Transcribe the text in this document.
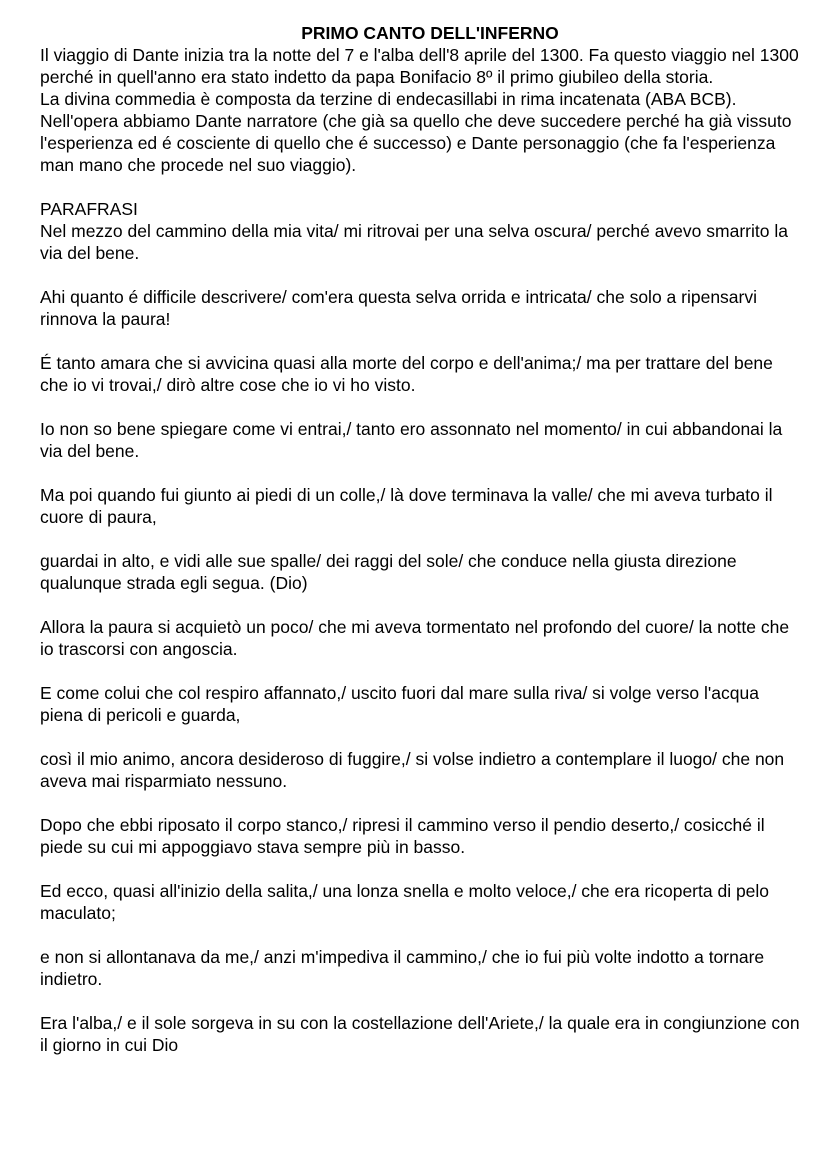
PRIMO CANTO DELL'INFERNO

Il viaggio di Dante inizia tra la notte del 7 e l'alba dell'8 aprile del 1300. Fa questo viaggio nel 1300 perché in quell'anno era stato indetto da papa Bonifacio 8º il primo giubileo della storia.

La divina commedia è composta da terzine di endecasillabi in rima incatenata (ABA BCB). Nell'opera abbiamo Dante narratore (che già sa quello che deve succedere perché ha già vissuto l'esperienza ed é cosciente di quello che é successo) e Dante personaggio (che fa l'esperienza man mano che procede nel suo viaggio).

PARAFRASI

Nel mezzo del cammino della mia vita/ mi ritrovai per una selva oscura/ perché avevo smarrito la via del bene.

Ahi quanto é difficile descrivere/ com'era questa selva orrida e intricata/ che solo a ripensarvi rinnova la paura!

É tanto amara che si avvicina quasi alla morte del corpo e dell'anima;/ ma per trattare del bene che io vi trovai,/ dirò altre cose che io vi ho visto.

Io non so bene spiegare come vi entrai,/ tanto ero assonnato nel momento/ in cui abbandonai la via del bene.

Ma poi quando fui giunto ai piedi di un colle,/ là dove terminava la valle/ che mi aveva turbato il cuore di paura,

guardai in alto, e vidi alle sue spalle/ dei raggi del sole/ che conduce nella giusta direzione qualunque strada egli segua. (Dio)

Allora la paura si acquietò un poco/ che mi aveva tormentato nel profondo del cuore/ la notte che io trascorsi con angoscia.

E come colui che col respiro affannato,/ uscito fuori dal mare sulla riva/ si volge verso l'acqua piena di pericoli e guarda,

così il mio animo, ancora desideroso di fuggire,/ si volse indietro a contemplare il luogo/ che non aveva mai risparmiato nessuno.

Dopo che ebbi riposato il corpo stanco,/ ripresi il cammino verso il pendio deserto,/ cosicché il piede su cui mi appoggiavo stava sempre più in basso.

Ed ecco, quasi all'inizio della salita,/ una lonza snella e molto veloce,/ che era ricoperta di pelo maculato;

e non si allontanava da me,/ anzi m'impediva il cammino,/ che io fui più volte indotto a tornare indietro.

Era l'alba,/ e il sole sorgeva in su con la costellazione dell'Ariete,/ la quale era in congiunzione con il giorno in cui Dio
